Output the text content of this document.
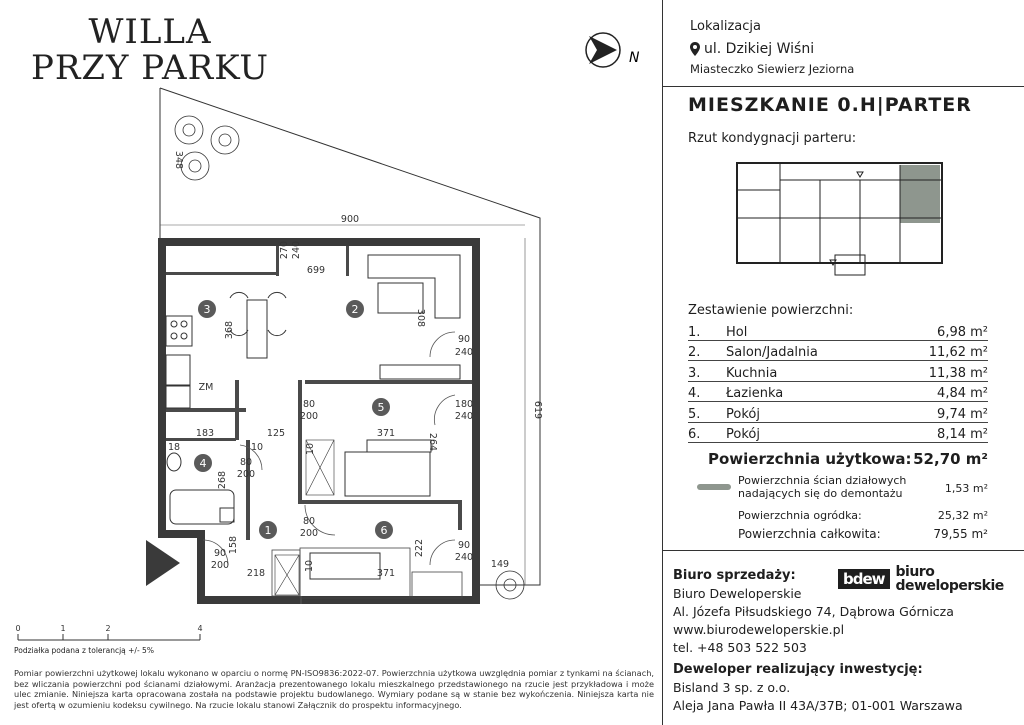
WILLA
PRZY PARKU	N
1
2
3
4
5
6
900
348
699
270 240
368
308
90
240
80
200
180
240
125
10
371	264
183
18
80
200
268
10
80
200
90
240
619
158
90
200
218
10
371
222
149
ZM
0	1	2	4
Podziałka podana z tolerancją +/- 5%
Pomiar powierzchni użytkowej lokalu wykonano w oparciu o normę PN-ISO9836:2022-07. Powierzchnia użytkowa uwzględnia pomiar z tynkami na ścianach, bez wliczania powierzchni pod ścianami działowymi. Aranżacja prezentowanego lokalu mieszkalnego przedstawionego na rzucie jest przykładowa i może ulec zmianie. Niniejsza karta opracowana została na podstawie projektu budowlanego. Wymiary podane są w stanie bez wykończenia. Niniejsza karta nie jest ofertą w ozumieniu kodeksu cywilnego. Na rzucie lokalu stanowi Załącznik do prospektu informacyjnego.
Lokalizacja
ul. Dzikiej Wiśni
Miasteczko Siewierz Jeziorna
MIESZKANIE 0.H|PARTER
Rzut kondygnacji parteru:
Zestawienie powierzchni:
1.	Hol	6,98 m²
2.	Salon/Jadalnia	11,62 m²
3.	Kuchnia	11,38 m²
4.	Łazienka	4,84 m²
5.	Pokój	9,74 m²
6.	Pokój	8,14 m²
Powierzchnia użytkowa: 52,70 m²
Powierzchnia ścian działowych
nadających się do demontażu	1,53 m²
Powierzchnia ogródka:	25,32 m²
Powierzchnia całkowita:	79,55 m²
Biuro sprzedaży:
Biuro Deweloperskie
Al. Józefa Piłsudskiego 74, Dąbrowa Górnicza
www.biurodeweloperskie.pl
tel. +48 503 522 503
bdew biuro
deweloperskie
Deweloper realizujący inwestycję:
Bisland 3 sp. z o.o.
Aleja Jana Pawła II 43A/37B; 01-001 Warszawa
